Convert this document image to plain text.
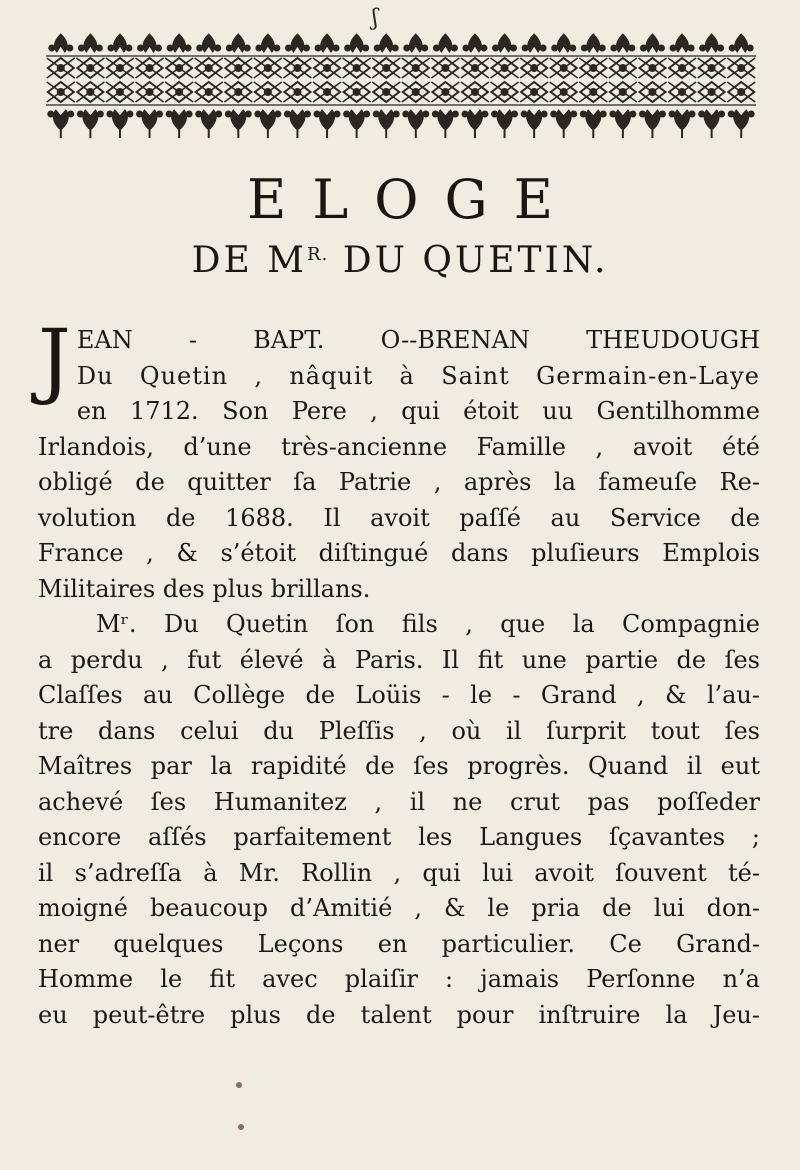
ʃ
ELOGE
DE $M^{R.}$ DU QUETIN.
J EAN - BAPT. O--BRENAN THEUDOUGH
Du Quetin , nâquit à Saint Germain-en-Laye
en 1712. Son Pere , qui étoit uu Gentilhomme
Irlandois, d’une très-ancienne Famille , avoit été
obligé de quitter ſa Patrie , après la fameuſe Re-
volution de 1688. Il avoit paſſé au Service de
France , & s’étoit diſtingué dans pluſieurs Emplois
Militaires des plus brillans.
Mʳ. Du Quetin ſon fils , que la Compagnie
a perdu , fut élevé à Paris. Il fit une partie de ſes
Claſſes au Collège de Loüis - le - Grand , & l’au-
tre dans celui du Pleſſis , où il ſurprit tout ſes
Maîtres par la rapidité de ſes progrès. Quand il eut
achevé ſes Humanitez , il ne crut pas poſſeder
encore aſſés parfaitement les Langues ſçavantes ;
il s’adreſſa à Mr. Rollin , qui lui avoit ſouvent té-
moigné beaucoup d’Amitié , & le pria de lui don-
ner quelques Leçons en particulier. Ce Grand-
Homme le fit avec plaiſir : jamais Perſonne n’a
eu peut-être plus de talent pour inſtruire la Jeu-
